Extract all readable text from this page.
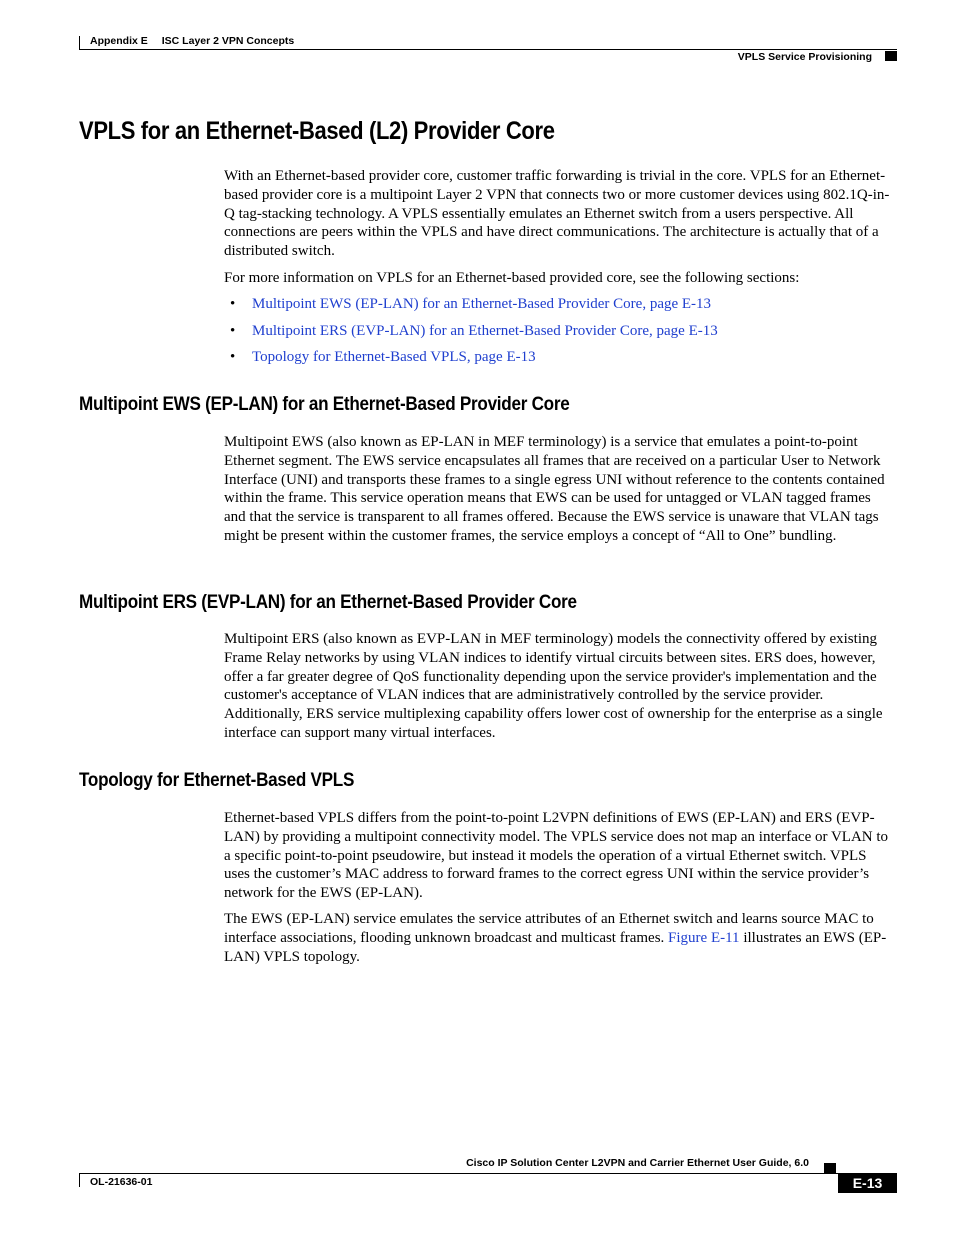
Appendix E ISC Layer 2 VPN Concepts
VPLS Service Provisioning
VPLS for an Ethernet-Based (L2) Provider Core

With an Ethernet-based provider core, customer traffic forwarding is trivial in the core. VPLS for an Ethernet-based provider core is a multipoint Layer 2 VPN that connects two or more customer devices using 802.1Q-in-Q tag-stacking technology. A VPLS essentially emulates an Ethernet switch from a users perspective. All connections are peers within the VPLS and have direct communications. The architecture is actually that of a distributed switch.

For more information on VPLS for an Ethernet-based provided core, see the following sections:

• Multipoint EWS (EP-LAN) for an Ethernet-Based Provider Core, page E-13
• Multipoint ERS (EVP-LAN) for an Ethernet-Based Provider Core, page E-13
• Topology for Ethernet-Based VPLS, page E-13
Multipoint EWS (EP-LAN) for an Ethernet-Based Provider Core

Multipoint EWS (also known as EP-LAN in MEF terminology) is a service that emulates a point-to-point Ethernet segment. The EWS service encapsulates all frames that are received on a particular User to Network Interface (UNI) and transports these frames to a single egress UNI without reference to the contents contained within the frame. This service operation means that EWS can be used for untagged or VLAN tagged frames and that the service is transparent to all frames offered. Because the EWS service is unaware that VLAN tags might be present within the customer frames, the service employs a concept of “All to One” bundling.

Multipoint ERS (EVP-LAN) for an Ethernet-Based Provider Core

Multipoint ERS (also known as EVP-LAN in MEF terminology) models the connectivity offered by existing Frame Relay networks by using VLAN indices to identify virtual circuits between sites. ERS does, however, offer a far greater degree of QoS functionality depending upon the service provider's implementation and the customer's acceptance of VLAN indices that are administratively controlled by the service provider. Additionally, ERS service multiplexing capability offers lower cost of ownership for the enterprise as a single interface can support many virtual interfaces.

Topology for Ethernet-Based VPLS

Ethernet-based VPLS differs from the point-to-point L2VPN definitions of EWS (EP-LAN) and ERS (EVP-LAN) by providing a multipoint connectivity model. The VPLS service does not map an interface or VLAN to a specific point-to-point pseudowire, but instead it models the operation of a virtual Ethernet switch. VPLS uses the customer’s MAC address to forward frames to the correct egress UNI within the service provider’s network for the EWS (EP-LAN).

The EWS (EP-LAN) service emulates the service attributes of an Ethernet switch and learns source MAC to interface associations, flooding unknown broadcast and multicast frames. Figure E-11 illustrates an EWS (EP-LAN) VPLS topology.

Cisco IP Solution Center L2VPN and Carrier Ethernet User Guide, 6.0
OL-21636-01	E-13
